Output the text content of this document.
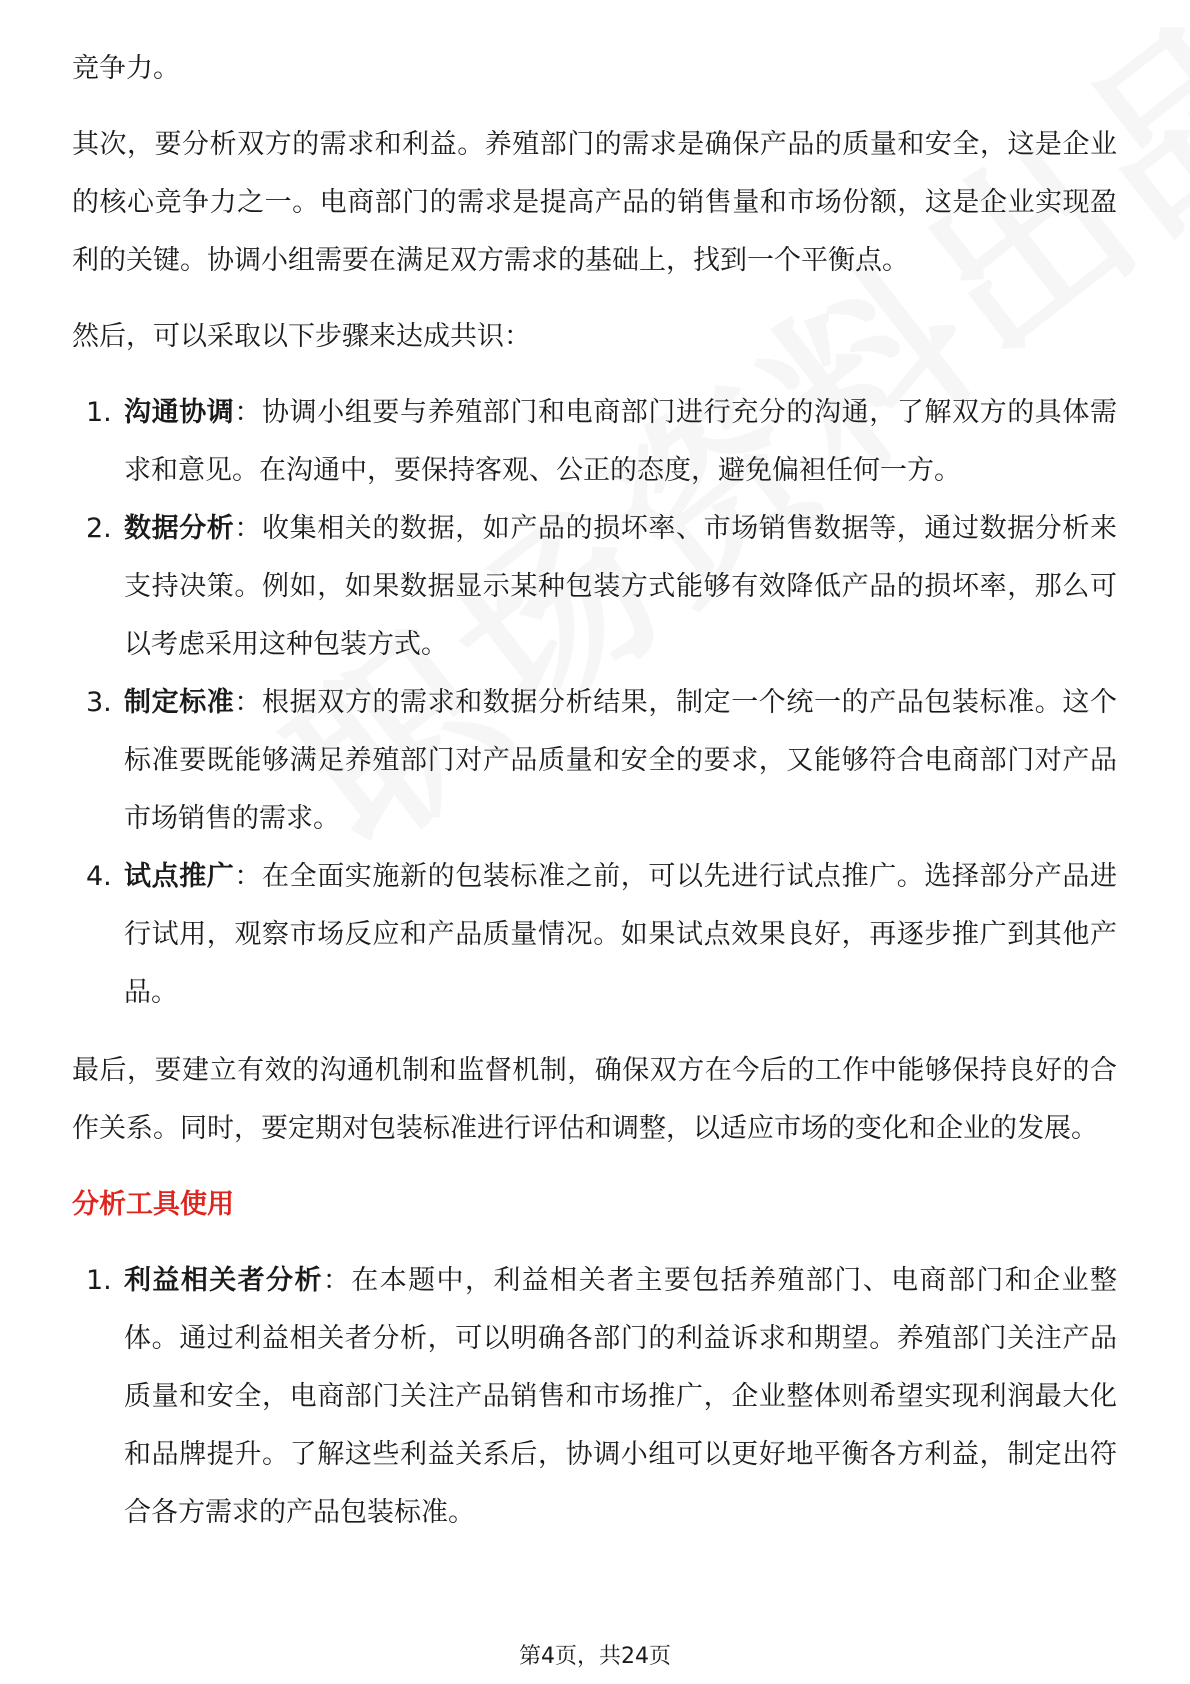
竞争力。

其次，要分析双方的需求和利益。养殖部门的需求是确保产品的质量和安全，这是企业的核心竞争力之一。电商部门的需求是提高产品的销售量和市场份额，这是企业实现盈利的关键。协调小组需要在满足双方需求的基础上，找到一个平衡点。

然后，可以采取以下步骤来达成共识：

1. 沟通协调：协调小组要与养殖部门和电商部门进行充分的沟通，了解双方的具体需求和意见。在沟通中，要保持客观、公正的态度，避免偏袒任何一方。
2. 数据分析：收集相关的数据，如产品的损坏率、市场销售数据等，通过数据分析来支持决策。例如，如果数据显示某种包装方式能够有效降低产品的损坏率，那么可以考虑采用这种包装方式。
3. 制定标准：根据双方的需求和数据分析结果，制定一个统一的产品包装标准。这个标准要既能够满足养殖部门对产品质量和安全的要求，又能够符合电商部门对产品市场销售的需求。
4. 试点推广：在全面实施新的包装标准之前，可以先进行试点推广。选择部分产品进行试用，观察市场反应和产品质量情况。如果试点效果良好，再逐步推广到其他产品。

最后，要建立有效的沟通机制和监督机制，确保双方在今后的工作中能够保持良好的合作关系。同时，要定期对包装标准进行评估和调整，以适应市场的变化和企业的发展。

分析工具使用
1. 利益相关者分析：在本题中，利益相关者主要包括养殖部门、电商部门和企业整体。通过利益相关者分析，可以明确各部门的利益诉求和期望。养殖部门关注产品质量和安全，电商部门关注产品销售和市场推广，企业整体则希望实现利润最大化和品牌提升。了解这些利益关系后，协调小组可以更好地平衡各方利益，制定出符合各方需求的产品包装标准。
第4页，共24页
